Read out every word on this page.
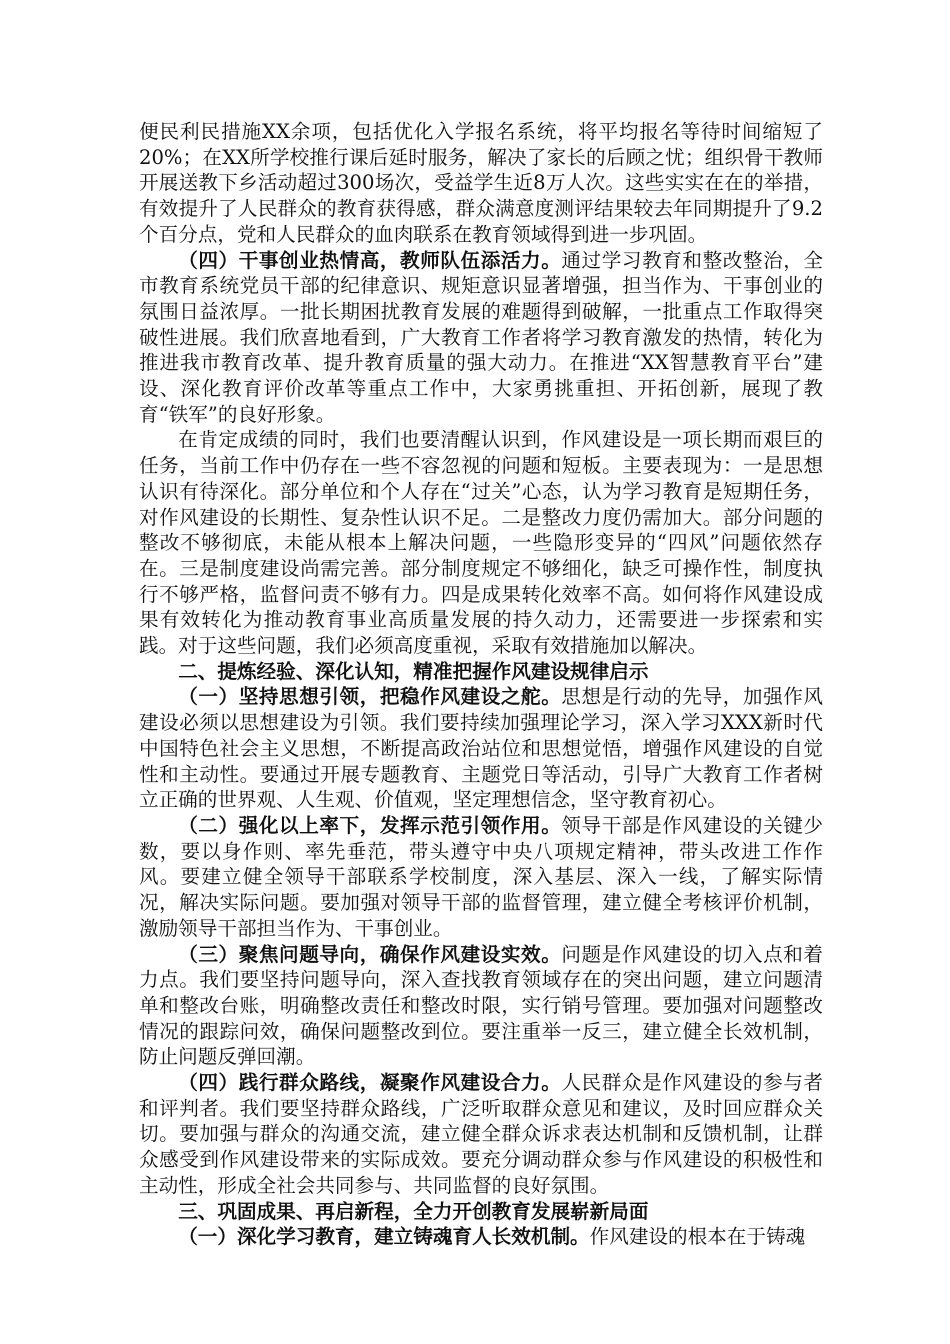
便民利民措施XX余项，包括优化入学报名系统，将平均报名等待时间缩短了20%；在XX所学校推行课后延时服务，解决了家长的后顾之忧；组织骨干教师开展送教下乡活动超过300场次，受益学生近8万人次。这些实实在在的举措，有效提升了人民群众的教育获得感，群众满意度测评结果较去年同期提升了9.2个百分点，党和人民群众的血肉联系在教育领域得到进一步巩固。

（四）干事创业热情高，教师队伍添活力。通过学习教育和整改整治，全市教育系统党员干部的纪律意识、规矩意识显著增强，担当作为、干事创业的氛围日益浓厚。一批长期困扰教育发展的难题得到破解，一批重点工作取得突破性进展。我们欣喜地看到，广大教育工作者将学习教育激发的热情，转化为推进我市教育改革、提升教育质量的强大动力。在推进“XX智慧教育平台”建设、深化教育评价改革等重点工作中，大家勇挑重担、开拓创新，展现了教育“铁军”的良好形象。

在肯定成绩的同时，我们也要清醒认识到，作风建设是一项长期而艰巨的任务，当前工作中仍存在一些不容忽视的问题和短板。主要表现为：一是思想认识有待深化。部分单位和个人存在“过关”心态，认为学习教育是短期任务，对作风建设的长期性、复杂性认识不足。二是整改力度仍需加大。部分问题的整改不够彻底，未能从根本上解决问题，一些隐形变异的“四风”问题依然存在。三是制度建设尚需完善。部分制度规定不够细化，缺乏可操作性，制度执行不够严格，监督问责不够有力。四是成果转化效率不高。如何将作风建设成果有效转化为推动教育事业高质量发展的持久动力，还需要进一步探索和实践。对于这些问题，我们必须高度重视，采取有效措施加以解决。

二、提炼经验、深化认知，精准把握作风建设规律启示

（一）坚持思想引领，把稳作风建设之舵。思想是行动的先导，加强作风建设必须以思想建设为引领。我们要持续加强理论学习，深入学习XXX新时代中国特色社会主义思想，不断提高政治站位和思想觉悟，增强作风建设的自觉性和主动性。要通过开展专题教育、主题党日等活动，引导广大教育工作者树立正确的世界观、人生观、价值观，坚定理想信念，坚守教育初心。

（二）强化以上率下，发挥示范引领作用。领导干部是作风建设的关键少数，要以身作则、率先垂范，带头遵守中央八项规定精神，带头改进工作作风。要建立健全领导干部联系学校制度，深入基层、深入一线，了解实际情况，解决实际问题。要加强对领导干部的监督管理，建立健全考核评价机制，激励领导干部担当作为、干事创业。

（三）聚焦问题导向，确保作风建设实效。问题是作风建设的切入点和着力点。我们要坚持问题导向，深入查找教育领域存在的突出问题，建立问题清单和整改台账，明确整改责任和整改时限，实行销号管理。要加强对问题整改情况的跟踪问效，确保问题整改到位。要注重举一反三，建立健全长效机制，防止问题反弹回潮。

（四）践行群众路线，凝聚作风建设合力。人民群众是作风建设的参与者和评判者。我们要坚持群众路线，广泛听取群众意见和建议，及时回应群众关切。要加强与群众的沟通交流，建立健全群众诉求表达机制和反馈机制，让群众感受到作风建设带来的实际成效。要充分调动群众参与作风建设的积极性和主动性，形成全社会共同参与、共同监督的良好氛围。

三、巩固成果、再启新程，全力开创教育发展崭新局面

（一）深化学习教育，建立铸魂育人长效机制。作风建设的根本在于铸魂
